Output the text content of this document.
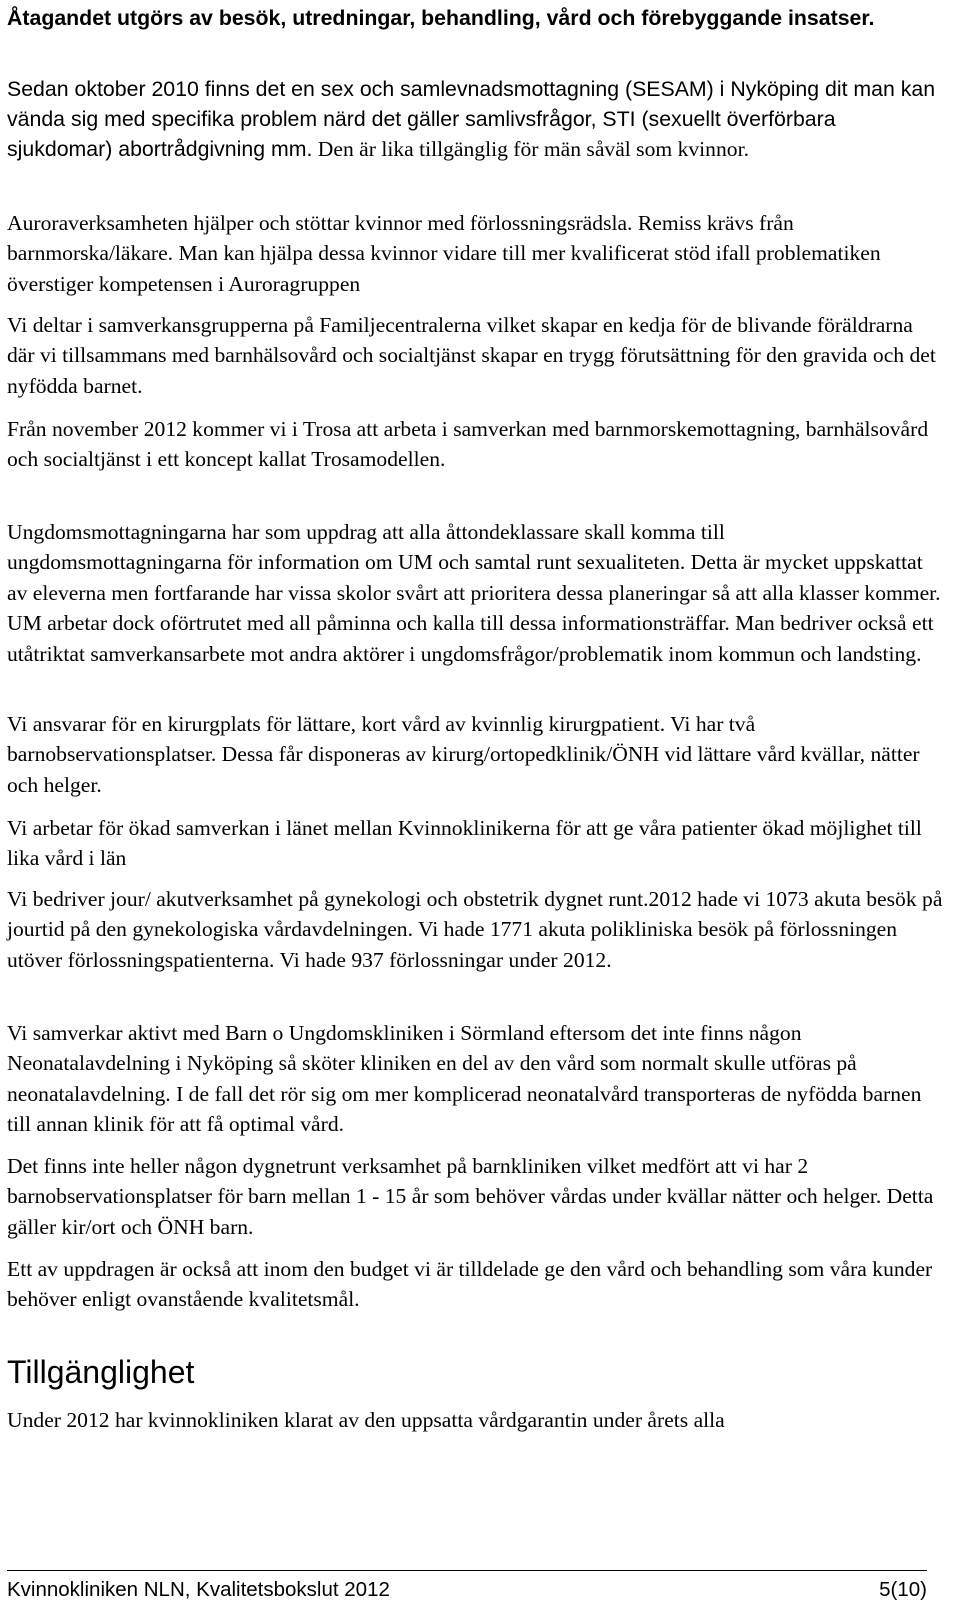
Åtagandet utgörs av besök, utredningar, behandling, vård och förebyggande insatser.

Sedan oktober 2010 finns det en sex och samlevnadsmottagning (SESAM) i Nyköping dit man kan vända sig med specifika problem närd det gäller samlivsfrågor, STI (sexuellt överförbara sjukdomar) abortrådgivning mm. Den är lika tillgänglig för män såväl som kvinnor.

Auroraverksamheten hjälper och stöttar kvinnor med förlossningsrädsla. Remiss krävs från barnmorska/läkare. Man kan hjälpa dessa kvinnor vidare till mer kvalificerat stöd ifall problematiken överstiger kompetensen i Auroragruppen

Vi deltar i samverkansgrupperna på Familjecentralerna vilket skapar en kedja för de blivande föräldrarna där vi tillsammans med barnhälsovård och socialtjänst skapar en trygg förutsättning för den gravida och det nyfödda barnet.

Från november 2012 kommer vi i Trosa att arbeta i samverkan med barnmorskemottagning, barnhälsovård och socialtjänst i ett koncept kallat Trosamodellen.

Ungdomsmottagningarna har som uppdrag att alla åttondeklassare skall komma till ungdomsmottagningarna för information om UM och samtal runt sexualiteten. Detta är mycket uppskattat av eleverna men fortfarande har vissa skolor svårt att prioritera dessa planeringar så att alla klasser kommer. UM arbetar dock oförtrutet med all påminna och kalla till dessa informationsträffar. Man bedriver också ett utåtriktat samverkansarbete mot andra aktörer i ungdomsfrågor/problematik inom kommun och landsting.

Vi ansvarar för en kirurgplats för lättare, kort vård av kvinnlig kirurgpatient. Vi har två barnobservationsplatser. Dessa får disponeras av kirurg/ortopedklinik/ÖNH vid lättare vård kvällar, nätter och helger.

Vi arbetar för ökad samverkan i länet mellan Kvinnoklinikerna för att ge våra patienter ökad möjlighet till lika vård i län

Vi bedriver jour/ akutverksamhet på gynekologi och obstetrik dygnet runt.2012 hade vi 1073 akuta besök på jourtid på den gynekologiska vårdavdelningen. Vi hade 1771 akuta polikliniska besök på förlossningen utöver förlossningspatienterna. Vi hade 937 förlossningar under 2012.

Vi samverkar aktivt med Barn o Ungdomskliniken i Sörmland eftersom det inte finns någon Neonatalavdelning i Nyköping så sköter kliniken en del av den vård som normalt skulle utföras på neonatalavdelning. I de fall det rör sig om mer komplicerad neonatalvård transporteras de nyfödda barnen till annan klinik för att få optimal vård.

Det finns inte heller någon dygnetrunt verksamhet på barnkliniken vilket medfört att vi har 2 barnobservationsplatser för barn mellan 1 - 15 år som behöver vårdas under kvällar nätter och helger. Detta gäller kir/ort och ÖNH barn.

Ett av uppdragen är också att inom den budget vi är tilldelade ge den vård och behandling som våra kunder behöver enligt ovanstående kvalitetsmål.

Tillgänglighet

Under 2012 har kvinnokliniken klarat av den uppsatta vårdgarantin under årets alla

Kvinnokliniken NLN, Kvalitetsbokslut 2012	5(10)
